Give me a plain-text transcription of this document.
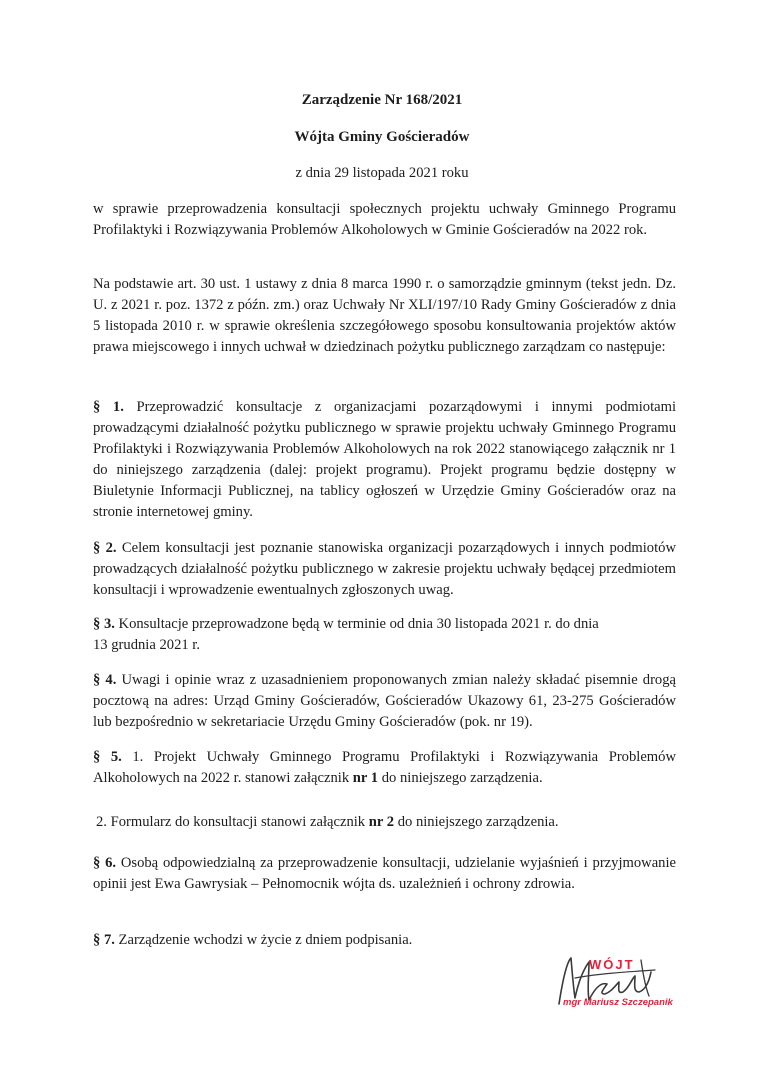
Zarządzenie Nr 168/2021
Wójta Gminy Gościeradów
z dnia 29 listopada 2021 roku

w sprawie przeprowadzenia konsultacji społecznych projektu uchwały Gminnego Programu Profilaktyki i Rozwiązywania Problemów Alkoholowych w Gminie Gościeradów na 2022 rok.

Na podstawie art. 30 ust. 1 ustawy z dnia 8 marca 1990 r. o samorządzie gminnym (tekst jedn. Dz. U. z 2021 r. poz. 1372 z późn. zm.) oraz Uchwały Nr XLI/197/10 Rady Gminy Gościeradów z dnia 5 listopada 2010 r. w sprawie określenia szczegółowego sposobu konsultowania projektów aktów prawa miejscowego i innych uchwał w dziedzinach pożytku publicznego zarządzam co następuje:

§ 1. Przeprowadzić konsultacje z organizacjami pozarządowymi i innymi podmiotami prowadzącymi działalność pożytku publicznego w sprawie projektu uchwały Gminnego Programu Profilaktyki i Rozwiązywania Problemów Alkoholowych na rok 2022 stanowiącego załącznik nr 1 do niniejszego zarządzenia (dalej: projekt programu). Projekt programu będzie dostępny w Biuletynie Informacji Publicznej, na tablicy ogłoszeń w Urzędzie Gminy Gościeradów oraz na stronie internetowej gminy.

§ 2. Celem konsultacji jest poznanie stanowiska organizacji pozarządowych i innych podmiotów prowadzących działalność pożytku publicznego w zakresie projektu uchwały będącej przedmiotem konsultacji i wprowadzenie ewentualnych zgłoszonych uwag.

§ 3. Konsultacje przeprowadzone będą w terminie od dnia 30 listopada 2021 r. do dnia
13 grudnia 2021 r.

§ 4. Uwagi i opinie wraz z uzasadnieniem proponowanych zmian należy składać pisemnie drogą pocztową na adres: Urząd Gminy Gościeradów, Gościeradów Ukazowy 61, 23-275 Gościeradów lub bezpośrednio w sekretariacie Urzędu Gminy Gościeradów (pok. nr 19).

§ 5. 1. Projekt Uchwały Gminnego Programu Profilaktyki i Rozwiązywania Problemów Alkoholowych na 2022 r. stanowi załącznik nr 1 do niniejszego zarządzenia.

2. Formularz do konsultacji stanowi załącznik nr 2 do niniejszego zarządzenia.

§ 6. Osobą odpowiedzialną za przeprowadzenie konsultacji, udzielanie wyjaśnień i przyjmowanie opinii jest Ewa Gawrysiak – Pełnomocnik wójta ds. uzależnień i ochrony zdrowia.

§ 7. Zarządzenie wchodzi w życie z dniem podpisania.

WÓJT
mgr Mariusz Szczepanik
